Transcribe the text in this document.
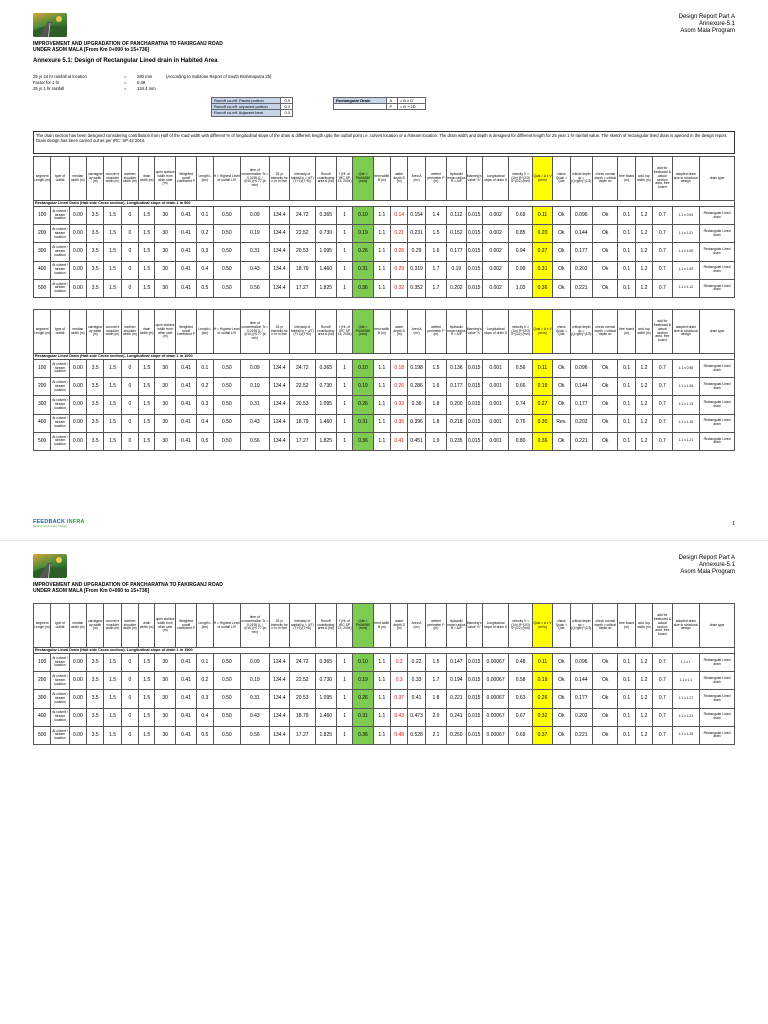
Design Report Part A
Annexure-5.1
Asom Mala Program
IMPROVEMENT AND UPGRADATION OF PANCHARATNA TO FAKIRGANJ ROAD
UNDER ASOM MALA [From Km 0+000 to 15+736]
Annexure 5.1: Design of Rectangular Lined drain in Habited Area
25 yr 24 hr rainfall at location	=	280 mm	(According to Subzone Report of South Brahmaputra 2b)
Factor for 1 hr	=	0.48
25 yr 1 hr rainfall	=	134.4 mm
Runoff co-eff. Paved portion	0.9
Runoff co-eff. unpaved portion	0.4
Runoff co-eff. Adjacent land	0.3
Rectangular Drain	A	= B x D
	P	= B + 2D
The drain section has been designed considering contribution from Half of the road width with different % of longitudinal slope of the drain & different length upto the outfall point i.e. culvert location or a /stream location. The drain width and depth is designed for different length for 25 year 1 hr rainfall value. The sketch of rectangular lined drain is apecied in the design report. Drain design has been carried out as per IRC: SP:42:2014.
segment Length (m)	type of outfall	median width (m)	carriagew ay width (m)	concret e shoulder width (m)	earthen shoulder width (m)	drain width (m)	open surface width from other side (m)	Weighted runoff coefficient P	Length L (km)	H = Highest Level of outfall L/H	time of concentration Tc = 0.0195 (L / √(H/L))^0.77 (in min)	25 yr intensity for n hr in mm	Intensity of rainfall Ic = (i/T)(T+1)/(T+tc)	Runoff contributing area A (ha)	f (Ht. of IRC SP 13, 2004)	Qde = PIcAf/360 (m³/s)	best width B (m)	water depth D (m)	Area A (m²)	wetted perimeter P (m)	hydraulic mean radius R = A/P	Manning's value "n"	Longitudinal slope of drain S	velocity V = (1/n) R^(2/3) S^(1/2) (m/s)	Qcal = A x V (m³/s)	check Qcalc > Qde	critical depth dc = (Q²/gB²)^(1/3)	check normal depth > critical depth dc	free board (m)	add. top width (m)	add for freeboard & actual section area, free board	adopted drain size in structural design	drain type
Rectangular Lined Drain (Hait side Cross section)- Longitudinal slope of drain 1 in 500																																	
100	At culvert / stream location	0.00	3.5	1.5	0	1.5	30	0.41	0.1	0.50	0.09	134.4	24.72	0.365	1	0.10	1.1	0.14	0.154	1.4	0.112	0.015	0.002	0.69	0.11	Ok	0.096	Ok	0.1	1.2	0.7	1.1 x 0.94	Rectangular Lined drain
200	At culvert / stream location	0.00	3.5	1.5	0	1.5	30	0.41	0.2	0.50	0.19	134.4	22.52	0.730	1	0.19	1.1	0.21	0.231	1.5	0.152	0.015	0.002	0.85	0.20	Ok	0.144	Ok	0.1	1.2	0.7	1.1 x 1.01	Rectangular Lined drain
300	At culvert / stream location	0.00	3.5	1.5	0	1.5	30	0.41	0.3	0.50	0.31	134.4	20.53	1.095	1	0.26	1.1	0.26	0.29	1.6	0.177	0.015	0.002	0.94	0.27	Ok	0.177	Ok	0.1	1.2	0.7	1.1 x 1.06	Rectangular Lined drain
400	At culvert / stream location	0.00	3.5	1.5	0	1.5	30	0.41	0.4	0.50	0.43	134.4	18.79	1.460	1	0.31	1.1	0.29	0.319	1.7	0.19	0.015	0.002	0.99	0.31	Ok	0.202	Ok	0.1	1.2	0.7	1.1 x 1.09	Rectangular Lined drain
500	At culvert / stream location	0.00	3.5	1.5	0	1.5	30	0.41	0.5	0.50	0.56	134.4	17.27	1.825	1	0.36	1.1	0.32	0.352	1.7	0.202	0.015	0.002	1.03	0.36	Ok	0.221	Ok	0.1	1.2	0.7	1.1 x 1.12	Rectangular Lined drain
segment Length (m)	type of outfall	median width (m)	carriagew ay width (m)	concret e shoulder width (m)	earthen shoulder width (m)	drain width (m)	open surface width from other side (m)	Weighted runoff coefficient P	Length L (km)	H = Highest Level of outfall L/H	time of concentration Tc = 0.0195 (L / √(H/L))^0.77 (in min)	25 yr intensity for n hr in mm	Intensity of rainfall Ic = (i/T)(T+1)/(T+tc)	Runoff contributing area A (ha)	f (Ht. of IRC SP 13, 2004)	Qde = PIcAf/360 (m³/s)	best width B (m)	water depth D (m)	Area A (m²)	wetted perimeter P (m)	hydraulic mean radius R = A/P	Manning's value "n"	Longitudinal slope of drain S	velocity V = (1/n) R^(2/3) S^(1/2) (m/s)	Qcal = A x V (m³/s)	check Qcalc > Qde	critical depth dc = (Q²/gB²)^(1/3)	check normal depth > critical depth dc	free board (m)	add. top width (m)	add for freeboard & actual section area, free board	adopted drain size in structural design	drain type
Rectangular Lined Drain (Hait side Cross section)- Longitudinal slope of drain 1 in 1000																																	
100	At culvert / stream location	0.00	3.5	1.5	0	1.5	30	0.41	0.1	0.50	0.09	134.4	24.72	0.365	1	0.10	1.1	0.18	0.198	1.5	0.136	0.015	0.001	0.56	0.11	Ok	0.096	Ok	0.1	1.2	0.7	1.1 x 0.98	Rectangular Lined drain
200	At culvert / stream location	0.00	3.5	1.5	0	1.5	30	0.41	0.2	0.50	0.19	134.4	22.52	0.730	1	0.19	1.1	0.26	0.286	1.6	0.177	0.015	0.001	0.66	0.19	Ok	0.144	Ok	0.1	1.2	0.7	1.1 x 1.06	Rectangular Lined drain
300	At culvert / stream location	0.00	3.5	1.5	0	1.5	30	0.41	0.3	0.50	0.31	134.4	20.53	1.095	1	0.26	1.1	0.33	0.36	1.8	0.200	0.015	0.001	0.74	0.27	Ok	0.177	Ok	0.1	1.2	0.7	1.1 x 1.13	Rectangular Lined drain
400	At culvert / stream location	0.00	3.5	1.5	0	1.5	30	0.41	0.4	0.50	0.43	134.4	18.79	1.460	1	0.31	1.1	0.36	0.396	1.8	0.218	0.015	0.001	0.76	0.30	Rev.	0.202	Ok	0.1	1.2	0.7	1.1 x 1.16	Rectangular Lined drain
500	At culvert / stream location	0.00	3.5	1.5	0	1.5	30	0.41	0.5	0.50	0.56	134.4	17.27	1.825	1	0.36	1.1	0.41	0.451	1.9	0.235	0.015	0.001	0.80	0.36	Ok	0.221	Ok	0.1	1.2	0.7	1.1 x 1.21	Rectangular Lined drain
FEEDBACK INFRA
Building Communities Globally	1
Design Report Part A
Annexure-5.1
Asom Mala Program
IMPROVEMENT AND UPGRADATION OF PANCHARATNA TO FAKIRGANJ ROAD
UNDER ASOM MALA [From Km 0+000 to 15+736]
segment Length (m)	type of outfall	median width (m)	carriagew ay width (m)	concret e shoulder width (m)	earthen shoulder width (m)	drain width (m)	open surface width from other side (m)	Weighted runoff coefficient P	Length L (km)	H = Highest Level of outfall L/H	time of concentration Tc = 0.0195 (L / √(H/L))^0.77 (in min)	25 yr intensity for n hr in mm	Intensity of rainfall Ic = (i/T)(T+1)/(T+tc)	Runoff contributing area A (ha)	f (Ht. of IRC SP 13, 2004)	Qde = PIcAf/360 (m³/s)	best width B (m)	water depth D (m)	Area A (m²)	wetted perimeter P (m)	hydraulic mean radius R = A/P	Manning's value "n"	Longitudinal slope of drain S	velocity V = (1/n) R^(2/3) S^(1/2) (m/s)	Qcal = A x V (m³/s)	check Qcalc > Qde	critical depth dc = (Q²/gB²)^(1/3)	check normal depth > critical depth dc	free board (m)	add. top width (m)	add for freeboard & actual section area, free board	adopted drain size in structural design	drain type
Rectangular Lined Drain (Hait side Cross section)- Longitudinal slope of drain 1 in 1500																																	
100	At culvert / stream location	0.00	3.5	1.5	0	1.5	30	0.41	0.1	0.50	0.09	134.4	24.72	0.365	1	0.10	1.1	0.2	0.22	1.5	0.147	0.015	0.00067	0.48	0.11	Ok	0.096	Ok	0.1	1.2	0.7	1.1 x 1	Rectangular Lined drain
200	At culvert / stream location	0.00	3.5	1.5	0	1.5	30	0.41	0.2	0.50	0.19	134.4	22.52	0.730	1	0.19	1.1	0.3	0.33	1.7	0.194	0.015	0.00067	0.58	0.19	Ok	0.144	Ok	0.1	1.2	0.7	1.1 x 1.1	Rectangular Lined drain
300	At culvert / stream location	0.00	3.5	1.5	0	1.5	30	0.41	0.3	0.50	0.31	134.4	20.53	1.095	1	0.26	1.1	0.37	0.41	1.8	0.221	0.015	0.00067	0.63	0.26	Ok	0.177	Ok	0.1	1.2	0.7	1.1 x 1.17	Rectangular Lined drain
400	At culvert / stream location	0.00	3.5	1.5	0	1.5	30	0.41	0.4	0.50	0.43	134.4	18.79	1.460	1	0.31	1.1	0.43	0.473	2.0	0.241	0.015	0.00067	0.67	0.32	Ok	0.202	Ok	0.1	1.2	0.7	1.1 x 1.23	Rectangular Lined drain
500	At culvert / stream location	0.00	3.5	1.5	0	1.5	30	0.41	0.5	0.50	0.56	134.4	17.27	1.825	1	0.36	1.1	0.48	0.528	2.1	0.250	0.015	0.00067	0.69	0.37	Ok	0.221	Ok	0.1	1.2	0.7	1.1 x 1.28	Rectangular Lined drain
